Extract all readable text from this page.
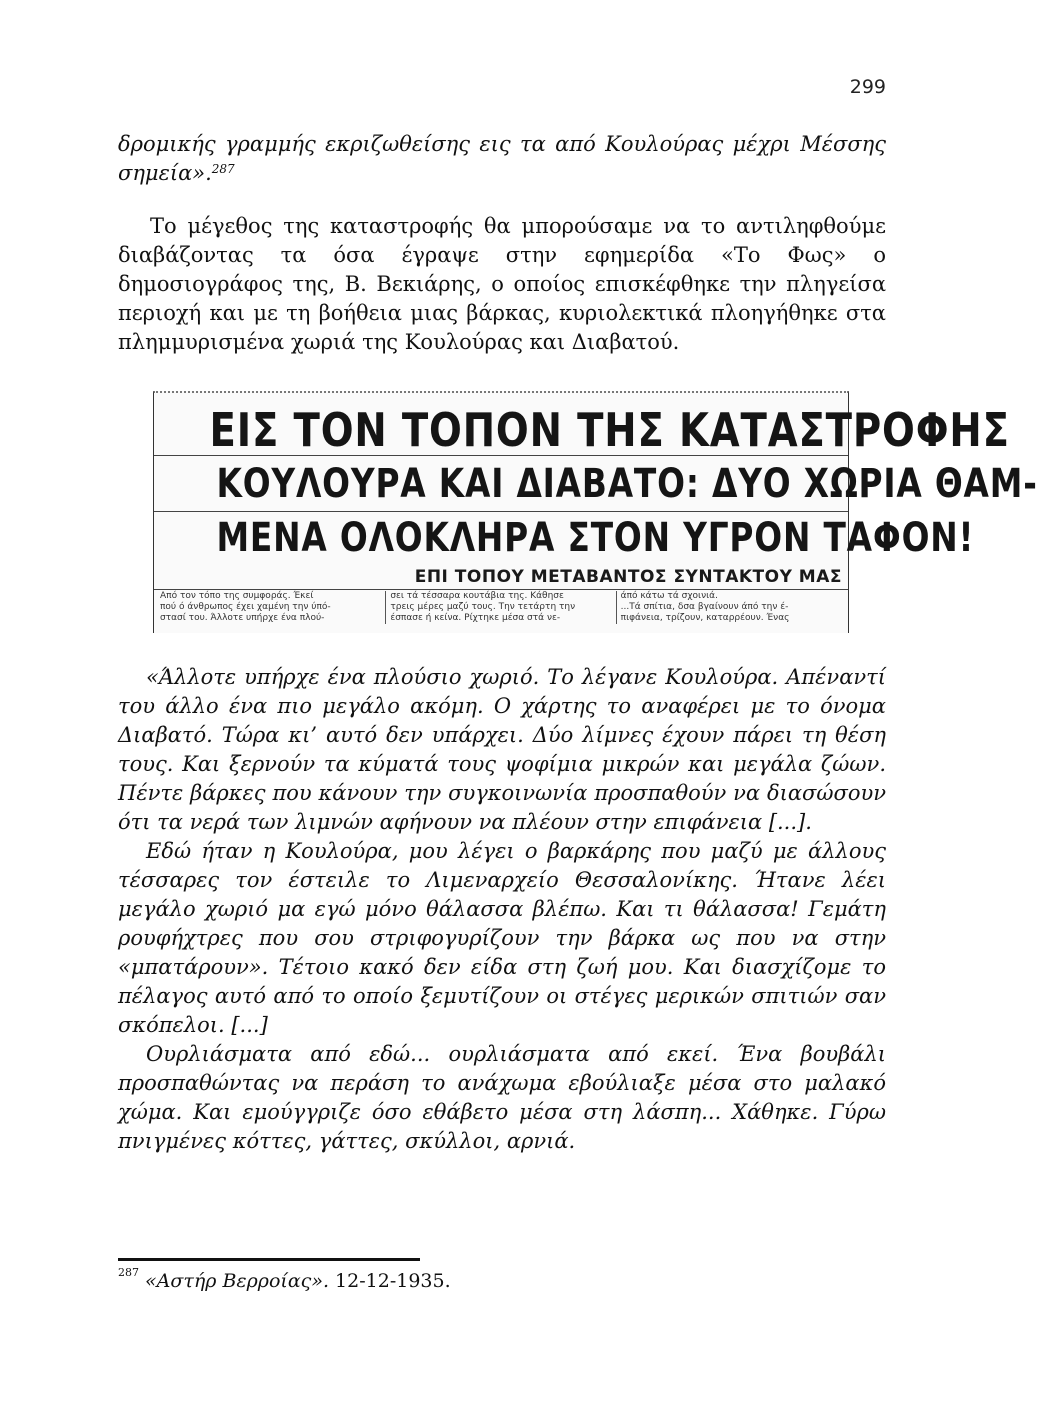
299
δρομικής γραμμής εκριζωθείσης εις τα από Κουλούρας μέχρι Μέσσης σημεία».$^{287}$
Το μέγεθος της καταστροφής θα μπορούσαμε να το αντιληφθούμε διαβάζοντας τα όσα έγραψε στην εφημερίδα «Το Φως» ο δημοσιογράφος της, Β. Βεκιάρης, ο οποίος επισκέφθηκε την πληγείσα περιοχή και με τη βοήθεια μιας βάρκας, κυριολεκτικά πλοηγήθηκε στα πλημμυρισμένα χωριά της Κουλούρας και Διαβατού.
ΕΙΣ ΤΟΝ ΤΟΠΟΝ ΤΗΣ ΚΑΤΑΣΤΡΟΦΗΣ
ΚΟΥΛΟΥΡΑ ΚΑΙ ΔΙΑΒΑΤΟ: ΔΥΟ ΧΩΡΙΑ ΘΑΜ-
ΜΕΝΑ ΟΛΟΚΛΗΡΑ ΣΤΟΝ ΥΓΡΟΝ ΤΑΦΟΝ!
ΕΠΙ ΤΟΠΟΥ ΜΕΤΑΒΑΝΤΟΣ ΣΥΝΤΑΚΤΟΥ ΜΑΣ
Από τον τόπο της συμφοράς. Έκεί
πού ό άνθρωπος έχει χαμένη την ύπό-
στασί του. Άλλοτε υπήρχε ένα πλού-
σει τά τέσσαρα κουτάβια της. Κάθησε
τρεις μέρες μαζύ τους. Την τετάρτη την
έσπασε ή κείνα. Ρίχτηκε μέσα στά νε-
άπό κάτω τά σχοινιά.
...Τά σπίτια, δσα βγαίνουν άπό την έ-
πιφάνεια, τρίζουν, καταρρέουν. Ένας

«Άλλοτε υπήρχε ένα πλούσιο χωριό. Το λέγανε Κουλούρα. Απέναντί του άλλο ένα πιο μεγάλο ακόμη. Ο χάρτης το αναφέρει με το όνομα Διαβατό. Τώρα κι’ αυτό δεν υπάρχει. Δύο λίμνες έχουν πάρει τη θέση τους. Και ξερνούν τα κύματά τους ψοφίμια μικρών και μεγάλα ζώων. Πέντε βάρκες που κάνουν την συγκοινωνία προσπαθούν να διασώσουν ότι τα νερά των λιμνών αφήνουν να πλέουν στην επιφάνεια [...].

Εδώ ήταν η Κουλούρα, μου λέγει ο βαρκάρης που μαζύ με άλλους τέσσαρες τον έστειλε το Λιμεναρχείο Θεσσαλονίκης. Ήτανε λέει μεγάλο χωριό μα εγώ μόνο θάλασσα βλέπω. Και τι θάλασσα! Γεμάτη ρουφήχτρες που σου στριφογυρίζουν την βάρκα ως που να στην «μπατάρουν». Τέτοιο κακό δεν είδα στη ζωή μου. Και διασχίζομε το πέλαγος αυτό από το οποίο ξεμυτίζουν οι στέγες μερικών σπιτιών σαν σκόπελοι. [...]

Ουρλιάσματα από εδώ... ουρλιάσματα από εκεί. Ένα βουβάλι προσπαθώντας να περάση το ανάχωμα εβούλιαξε μέσα στο μαλακό χώμα. Και εμούγγριζε όσο εθάβετο μέσα στη λάσπη... Χάθηκε. Γύρω πνιγμένες κόττες, γάττες, σκύλλοι, αρνιά.

$^{287}$ «Αστήρ Βερροίας». 12-12-1935.
